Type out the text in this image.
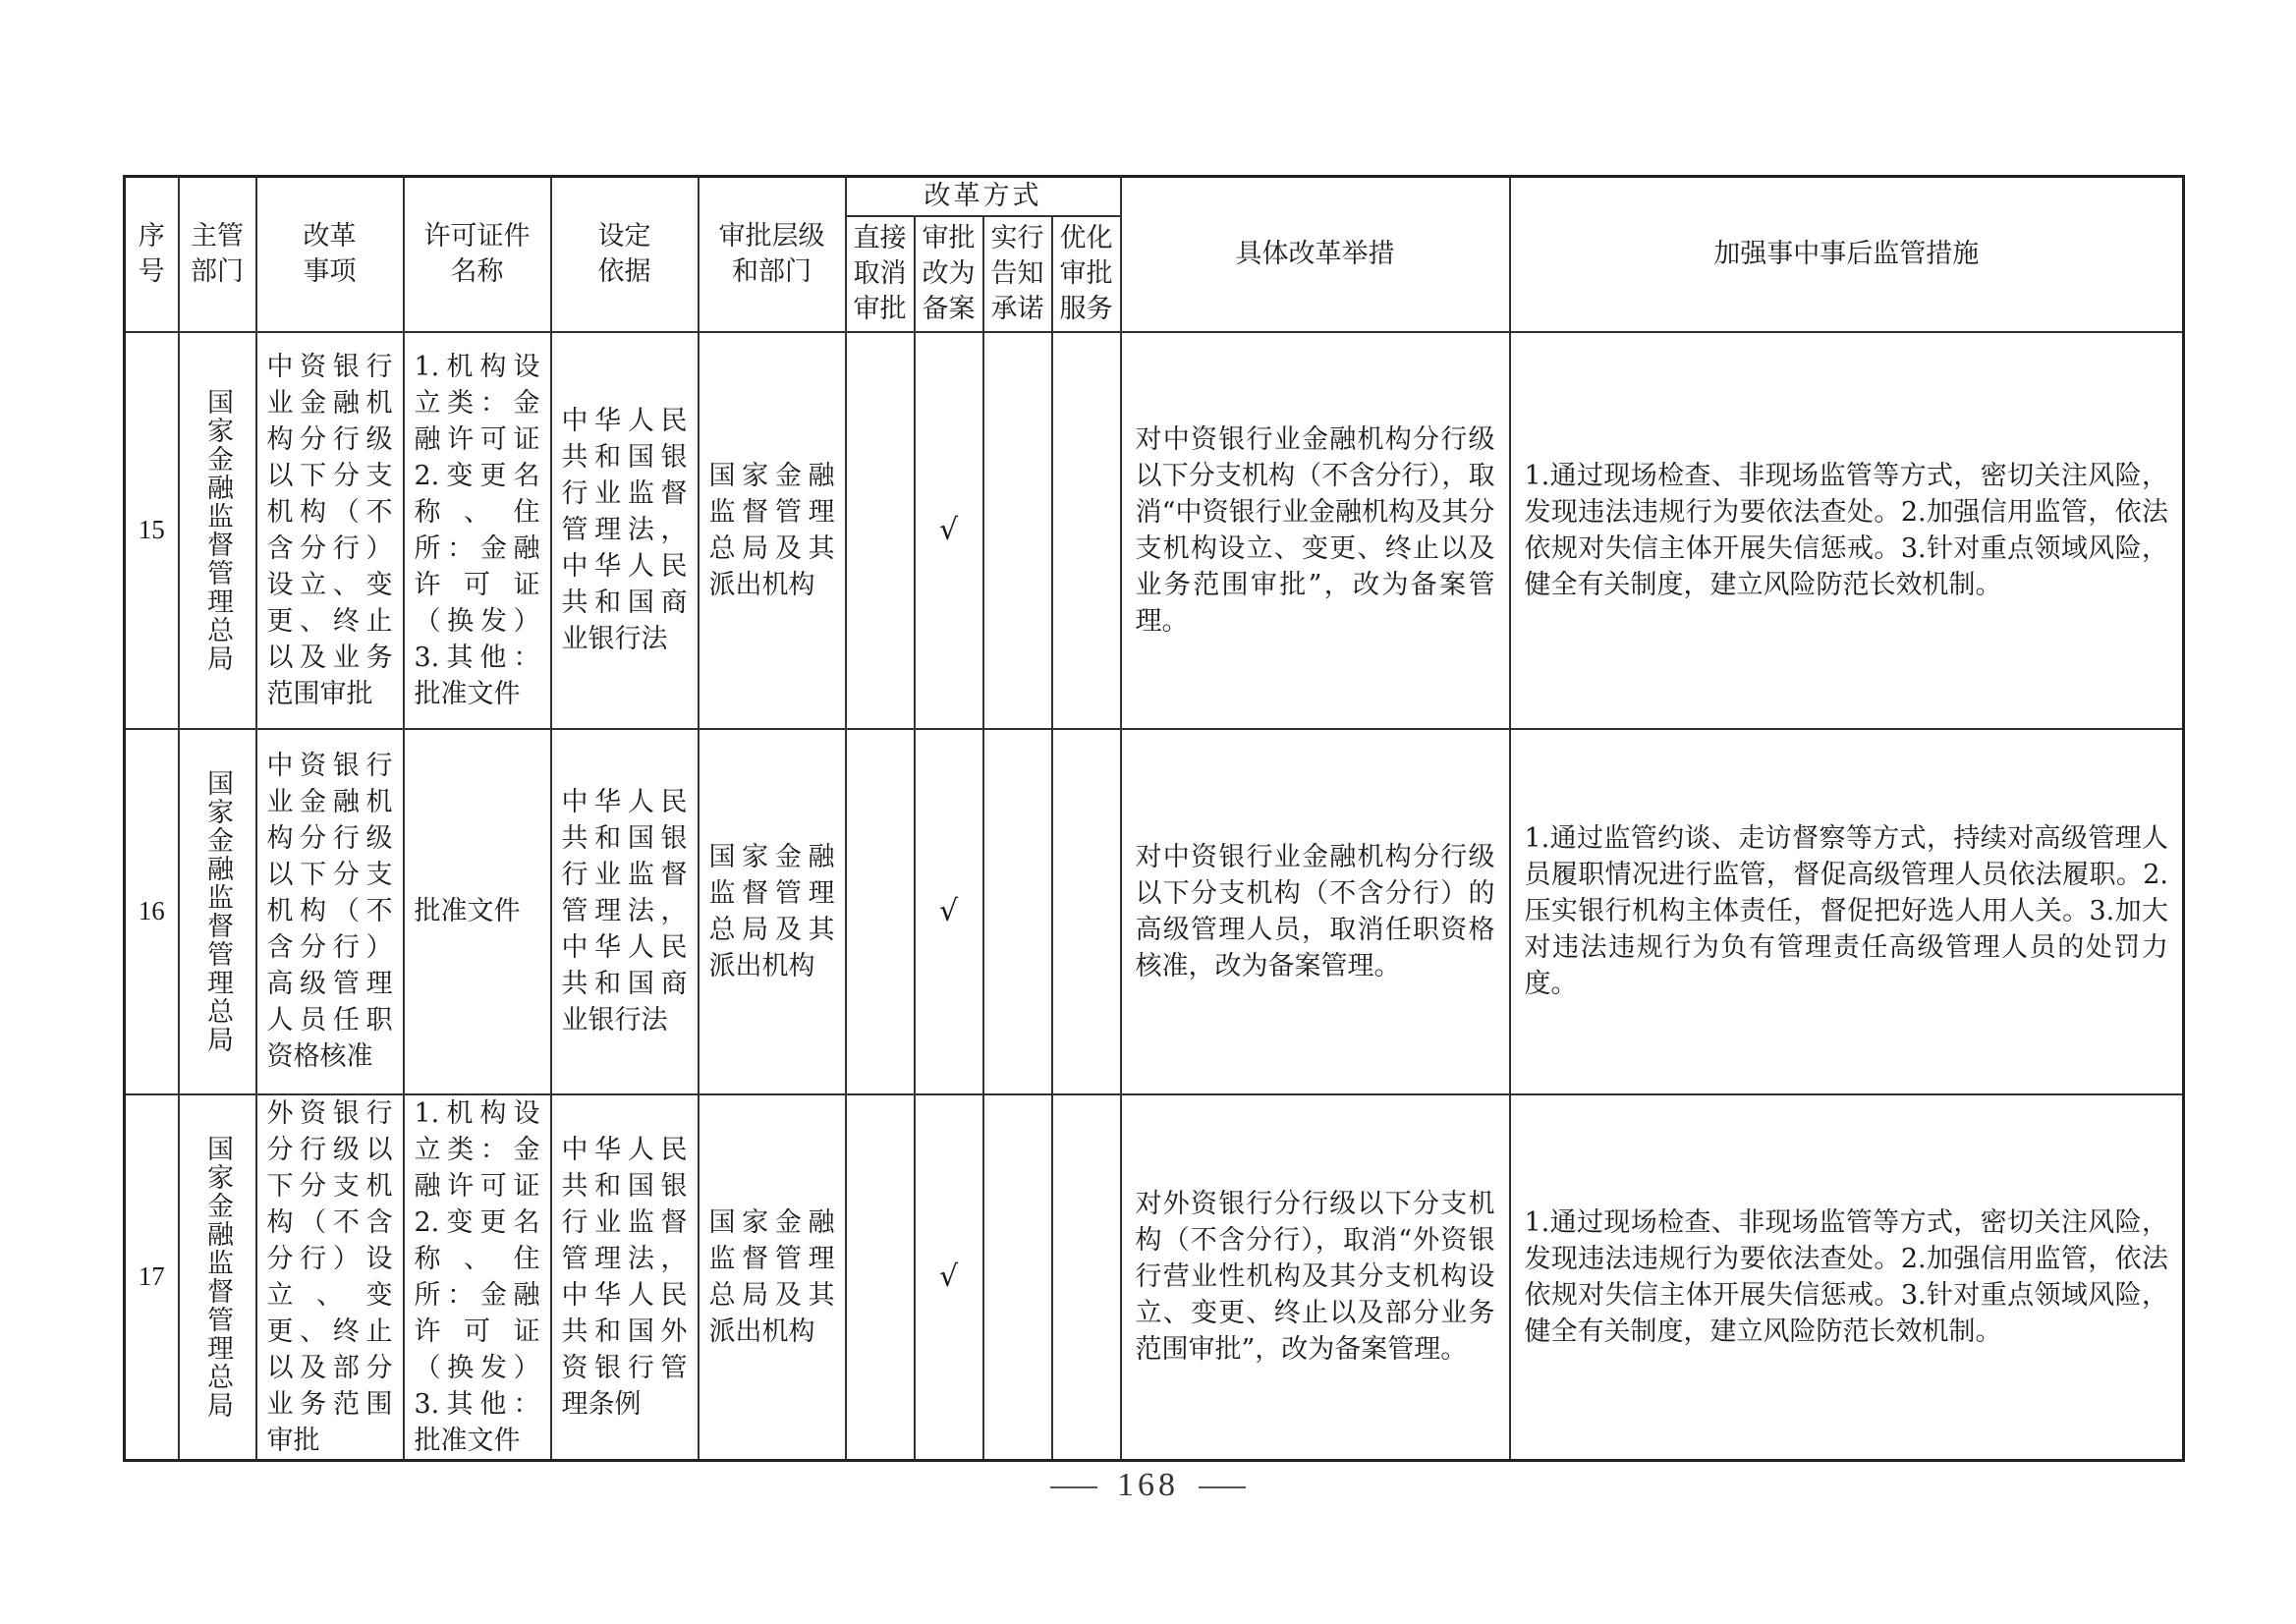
序号	主管部门	改革事项	许可证件名称	设定依据	审批层级和部门	改革方式				具体改革举措	加强事中事后监管措施

						直接取消审批	审批改为备案	实行告知承诺	优化审批服务		

15	国家金融监督管理总局	中资银行业金融机构分行级以下分支机构（不含分行）设立、变更、终止以及业务范围审批	1.机构设立类：金融许可证 2.变更名称、住所：金融许可证（换发） 3.其他：批准文件	中华人民共和国银行业监督管理法，中华人民共和国商业银行法	国家金融监督管理总局及其派出机构		√			对中资银行业金融机构分行级以下分支机构（不含分行），取消“中资银行业金融机构及其分支机构设立、变更、终止以及业务范围审批”，改为备案管理。	1.通过现场检查、非现场监管等方式，密切关注风险，发现违法违规行为要依法查处。2.加强信用监管，依法依规对失信主体开展失信惩戒。3.针对重点领域风险，健全有关制度，建立风险防范长效机制。
16	国家金融监督管理总局	中资银行业金融机构分行级以下分支机构（不含分行）高级管理人员任职资格核准	批准文件	中华人民共和国银行业监督管理法，中华人民共和国商业银行法	国家金融监督管理总局及其派出机构		√			对中资银行业金融机构分行级以下分支机构（不含分行）的高级管理人员，取消任职资格核准，改为备案管理。	1.通过监管约谈、走访督察等方式，持续对高级管理人员履职情况进行监管，督促高级管理人员依法履职。2.压实银行机构主体责任，督促把好选人用人关。3.加大对违法违规行为负有管理责任高级管理人员的处罚力度。
17	国家金融监督管理总局	外资银行分行级以下分支机构（不含分行）设立、变更、终止以及部分业务范围审批	1.机构设立类：金融许可证 2.变更名称、住所：金融许可证（换发） 3.其他：批准文件	中华人民共和国银行业监督管理法，中华人民共和国外资银行管理条例	国家金融监督管理总局及其派出机构		√			对外资银行分行级以下分支机构（不含分行），取消“外资银行营业性机构及其分支机构设立、变更、终止以及部分业务范围审批”，改为备案管理。	1.通过现场检查、非现场监管等方式，密切关注风险，发现违法违规行为要依法查处。2.加强信用监管，依法依规对失信主体开展失信惩戒。3.针对重点领域风险，健全有关制度，建立风险防范长效机制。
168
